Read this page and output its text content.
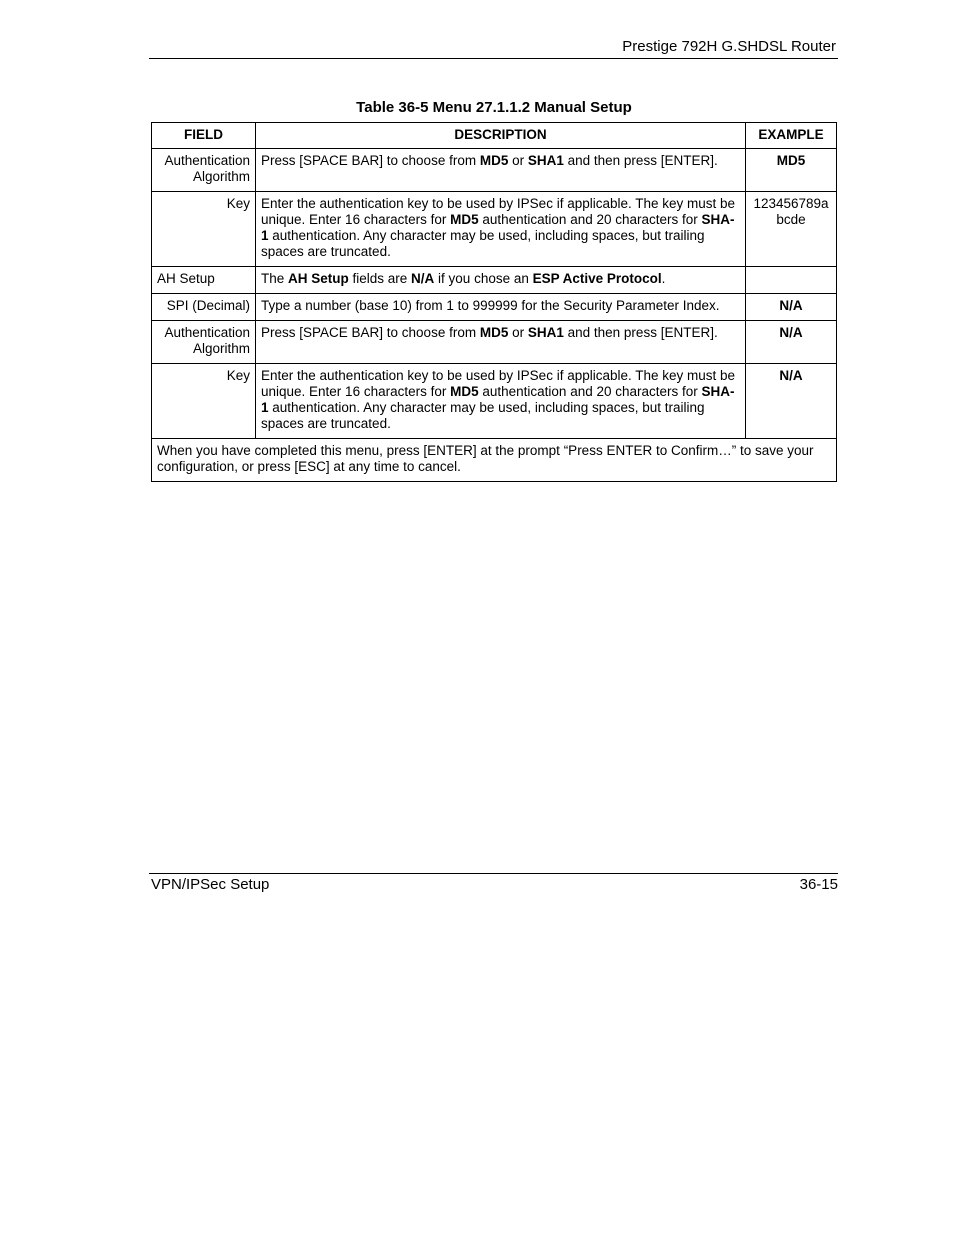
Prestige 792H G.SHDSL Router
Table 36-5 Menu 27.1.1.2 Manual Setup
FIELD	DESCRIPTION	EXAMPLE
Authentication Algorithm	Press [SPACE BAR] to choose from MD5 or SHA1 and then press [ENTER].	MD5
Key	Enter the authentication key to be used by IPSec if applicable. The key must be unique. Enter 16 characters for MD5 authentication and 20 characters for SHA-1 authentication. Any character may be used, including spaces, but trailing spaces are truncated.	123456789abcde
AH Setup	The AH Setup fields are N/A if you chose an ESP Active Protocol.	
SPI (Decimal)	Type a number (base 10) from 1 to 999999 for the Security Parameter Index.	N/A
Authentication Algorithm	Press [SPACE BAR] to choose from MD5 or SHA1 and then press [ENTER].	N/A
Key	Enter the authentication key to be used by IPSec if applicable. The key must be unique. Enter 16 characters for MD5 authentication and 20 characters for SHA-1 authentication. Any character may be used, including spaces, but trailing spaces are truncated.	N/A
When you have completed this menu, press [ENTER] at the prompt “Press ENTER to Confirm…” to save your configuration, or press [ESC] at any time to cancel.		
VPN/IPSec Setup	36-15
